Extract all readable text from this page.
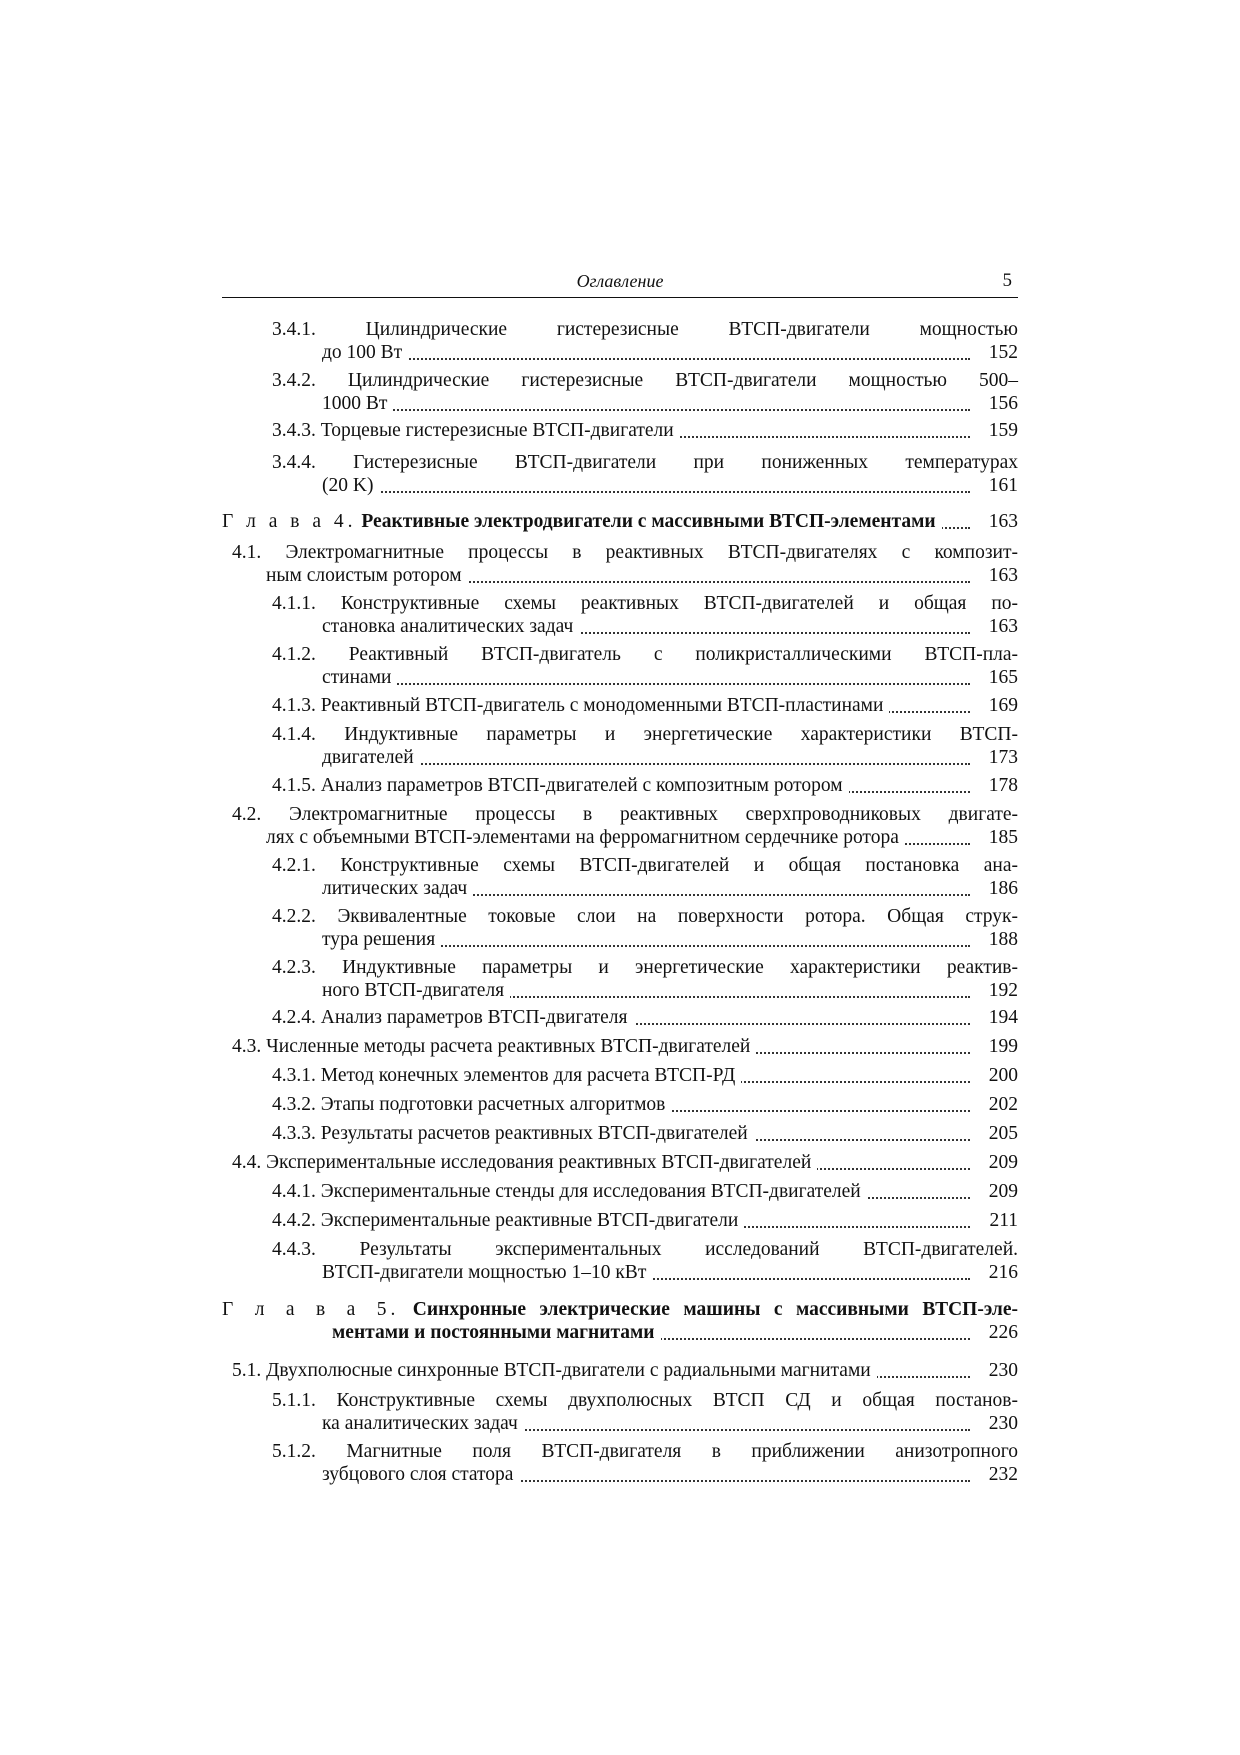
Оглавление	5
3.4.1.	Цилиндрические гистерезисные ВТСП-двигатели мощностью
до 100 Вт	152
3.4.2. Цилиндрические гистерезисные ВТСП-двигатели мощностью 500–
1000 Вт	156
3.4.3. Торцевые гистерезисные ВТСП-двигатели	159
3.4.4. Гистерезисные ВТСП-двигатели при пониженных температурах
(20 K)	161
Г л а в а 4. Реактивные электродвигатели с массивными ВТСП-элементами	163
4.1. Электромагнитные процессы в реактивных ВТСП-двигателях с композит-
ным слоистым ротором	163
4.1.1. Конструктивные схемы реактивных ВТСП-двигателей и общая по-
становка аналитических задач	163
4.1.2. Реактивный ВТСП-двигатель с поликристаллическими ВТСП-пла-
стинами	165
4.1.3. Реактивный ВТСП-двигатель с монодоменными ВТСП-пластинами	169
4.1.4. Индуктивные параметры и энергетические характеристики ВТСП-
двигателей	173
4.1.5. Анализ параметров ВТСП-двигателей с композитным ротором	178
4.2. Электромагнитные процессы в реактивных сверхпроводниковых двигате-
лях с объемными ВТСП-элементами на ферромагнитном сердечнике ротора	185
4.2.1. Конструктивные схемы ВТСП-двигателей и общая постановка ана-
литических задач	186
4.2.2. Эквивалентные токовые слои на поверхности ротора. Общая струк-
тура решения	188
4.2.3. Индуктивные параметры и энергетические характеристики реактив-
ного ВТСП-двигателя	192
4.2.4. Анализ параметров ВТСП-двигателя	194
4.3. Численные методы расчета реактивных ВТСП-двигателей	199
4.3.1. Метод конечных элементов для расчета ВТСП-РД	200
4.3.2. Этапы подготовки расчетных алгоритмов	202
4.3.3. Результаты расчетов реактивных ВТСП-двигателей	205
4.4. Экспериментальные исследования реактивных ВТСП-двигателей	209
4.4.1. Экспериментальные стенды для исследования ВТСП-двигателей	209
4.4.2. Экспериментальные реактивные ВТСП-двигатели	211
4.4.3. Результаты экспериментальных исследований ВТСП-двигателей.
ВТСП-двигатели мощностью 1–10 кВт	216
Г л а в а 5. Синхронные электрические машины с массивными ВТСП-эле-
ментами и постоянными магнитами	226
5.1. Двухполюсные синхронные ВТСП-двигатели с радиальными магнитами	230
5.1.1. Конструктивные схемы двухполюсных ВТСП СД и общая постанов-
ка аналитических задач	230
5.1.2. Магнитные поля ВТСП-двигателя в приближении анизотропного
зубцового слоя статора	232
